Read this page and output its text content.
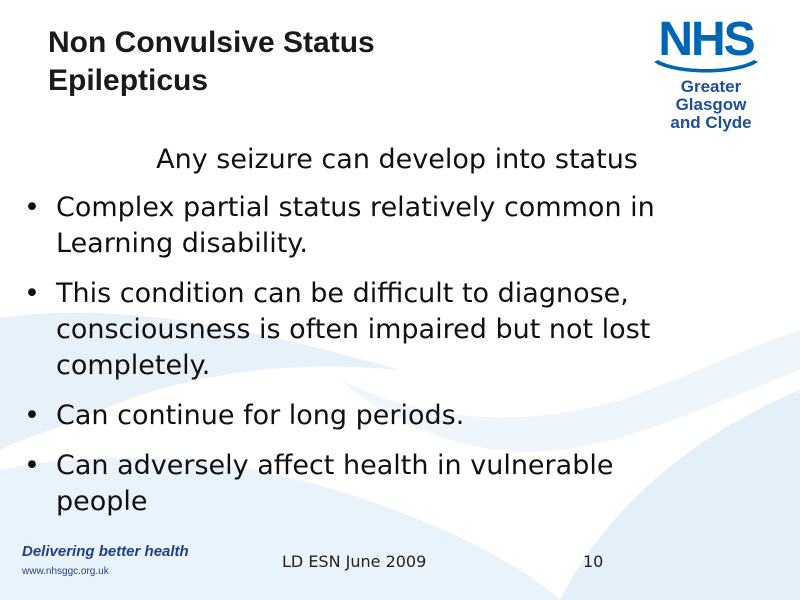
Non Convulsive Status
Epilepticus
NHS
Greater Glasgow
and Clyde
Any seizure can develop into status
• Complex partial status relatively common in
Learning disability.
• This condition can be difficult to diagnose,
consciousness is often impaired but not lost
completely.
• Can continue for long periods.
• Can adversely affect health in vulnerable
people
Delivering better health
www.nhsggc.org.uk
LD ESN June 2009	10
